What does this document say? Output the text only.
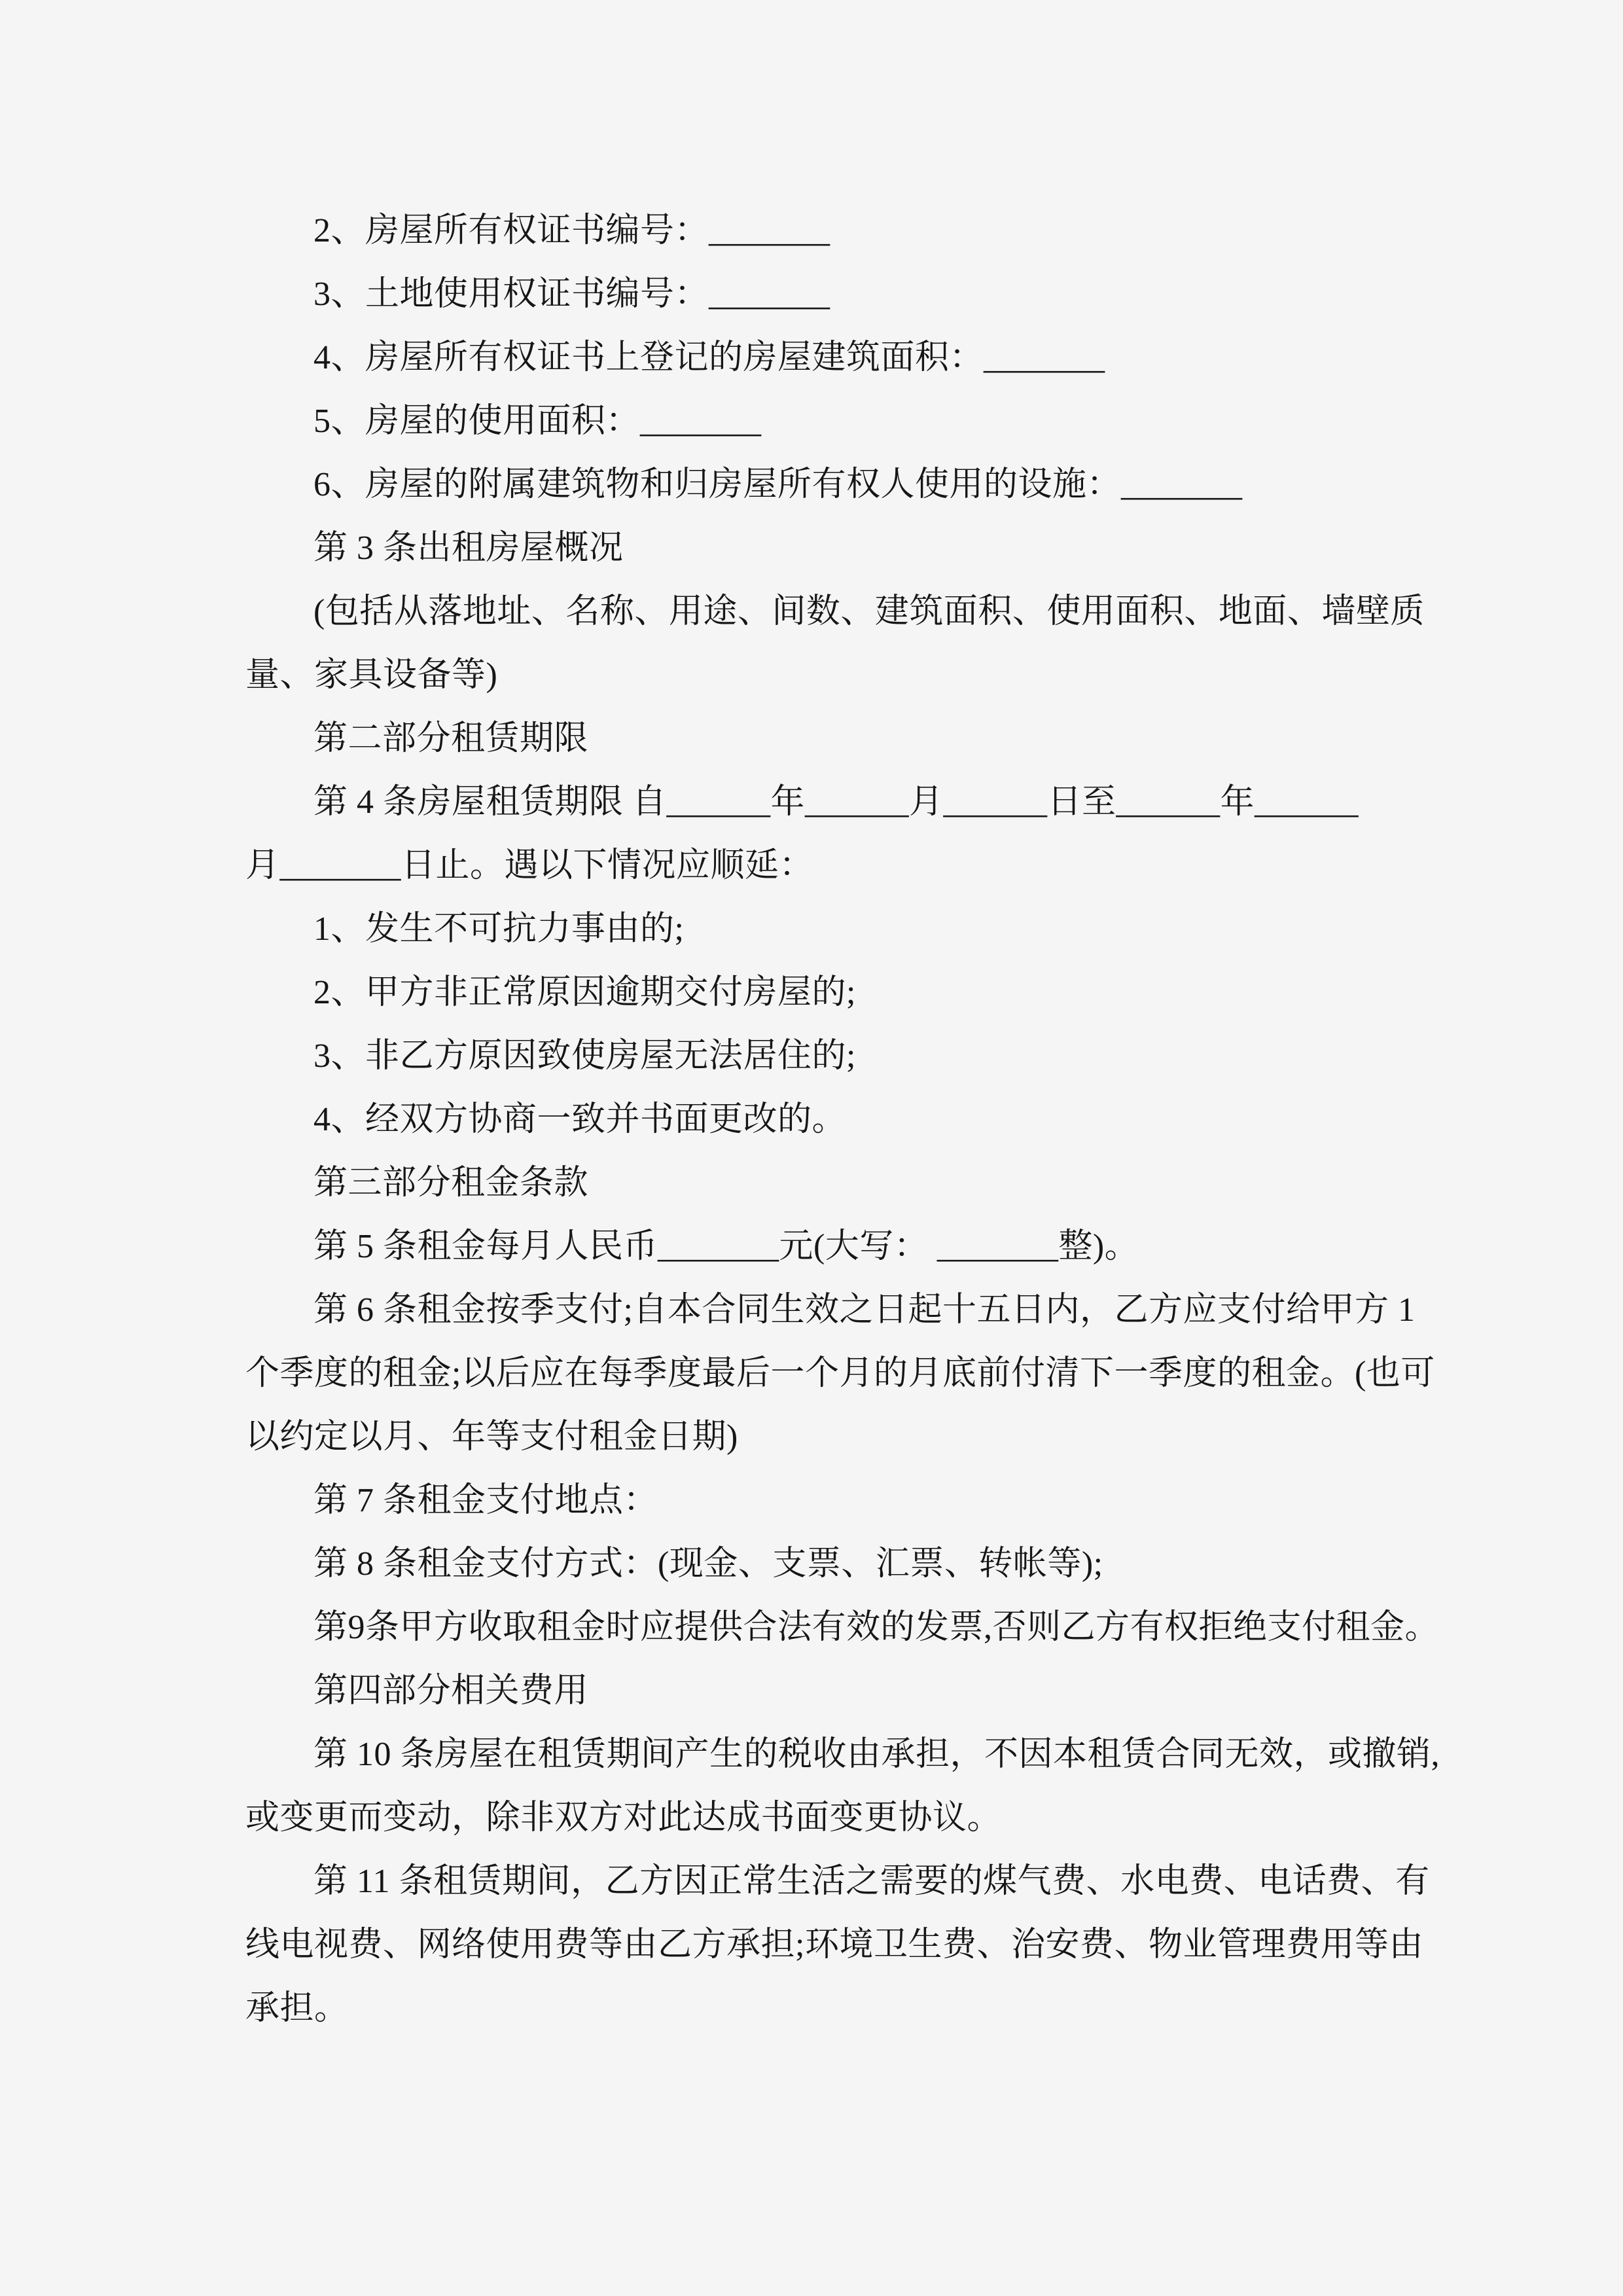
2、房屋所有权证书编号：_______
3、土地使用权证书编号：_______
4、房屋所有权证书上登记的房屋建筑面积：_______
5、房屋的使用面积：_______
6、房屋的附属建筑物和归房屋所有权人使用的设施：_______
第 3 条出租房屋概况
(包括从落地址、名称、用途、间数、建筑面积、使用面积、地面、墙壁质
量、家具设备等)
第二部分租赁期限
第 4 条房屋租赁期限 自______年______月______日至______年______
月_______日止。遇以下情况应顺延：
1、发生不可抗力事由的;
2、甲方非正常原因逾期交付房屋的;
3、非乙方原因致使房屋无法居住的;
4、经双方协商一致并书面更改的。
第三部分租金条款
第 5 条租金每月人民币_______元(大写： _______整)。
第 6 条租金按季支付;自本合同生效之日起十五日内，乙方应支付给甲方 1
个季度的租金;以后应在每季度最后一个月的月底前付清下一季度的租金。(也可
以约定以月、年等支付租金日期)
第 7 条租金支付地点：
第 8 条租金支付方式：(现金、支票、汇票、转帐等);
第9条甲方收取租金时应提供合法有效的发票,否则乙方有权拒绝支付租金。
第四部分相关费用
第 10 条房屋在租赁期间产生的税收由承担，不因本租赁合同无效，或撤销,
或变更而变动，除非双方对此达成书面变更协议。
第 11 条租赁期间，乙方因正常生活之需要的煤气费、水电费、电话费、有
线电视费、网络使用费等由乙方承担;环境卫生费、治安费、物业管理费用等由
承担。
